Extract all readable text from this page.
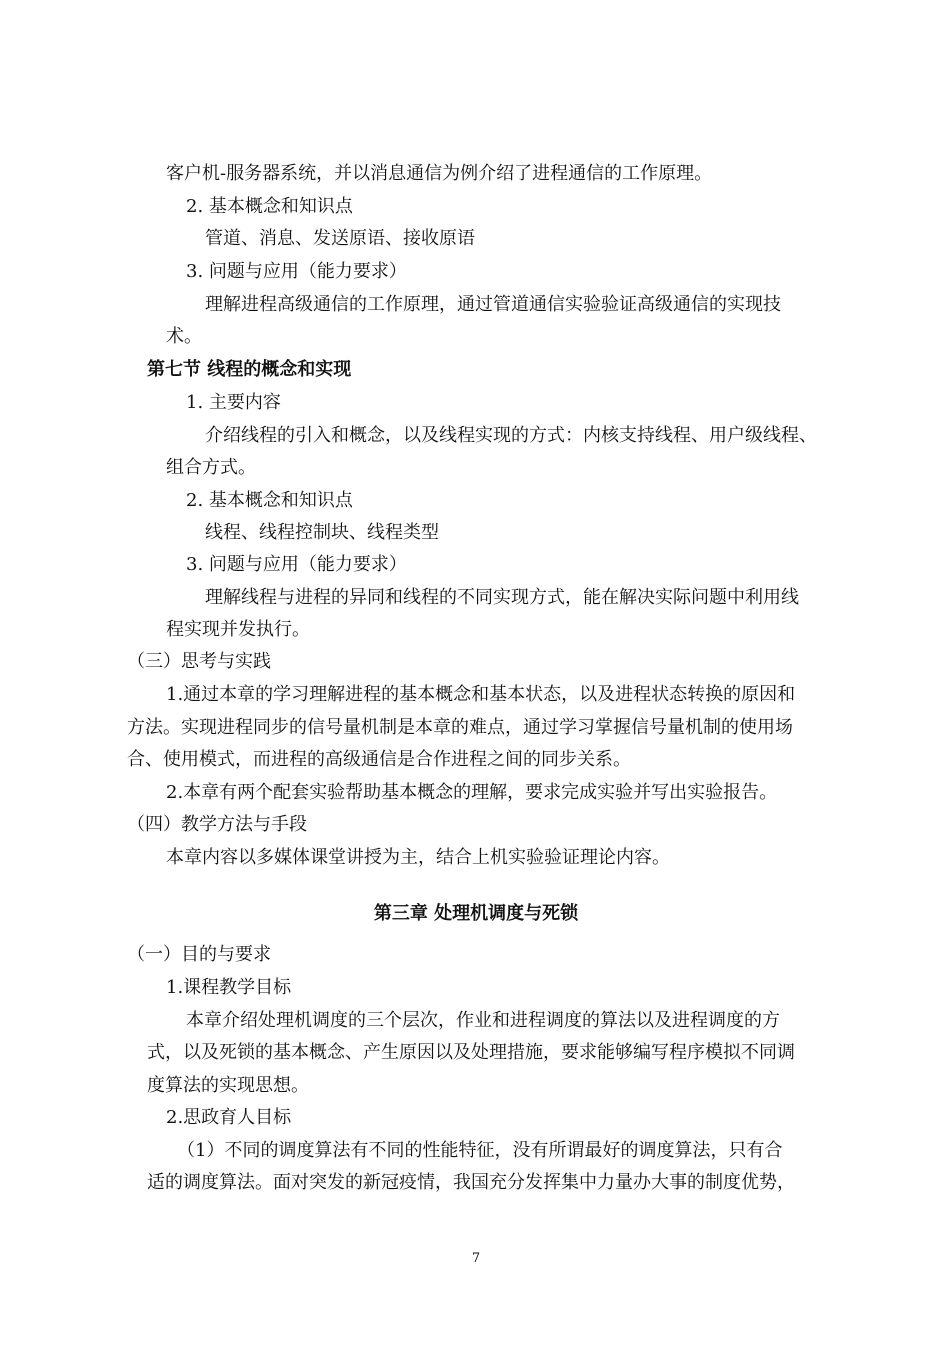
客户机-服务器系统，并以消息通信为例介绍了进程通信的工作原理。
2. 基本概念和知识点
管道、消息、发送原语、接收原语
3. 问题与应用（能力要求）
理解进程高级通信的工作原理，通过管道通信实验验证高级通信的实现技
术。
第七节 线程的概念和实现
1. 主要内容
介绍线程的引入和概念，以及线程实现的方式：内核支持线程、用户级线程、
组合方式。
2. 基本概念和知识点
线程、线程控制块、线程类型
3. 问题与应用（能力要求）
理解线程与进程的异同和线程的不同实现方式，能在解决实际问题中利用线
程实现并发执行。
（三）思考与实践
1.通过本章的学习理解进程的基本概念和基本状态，以及进程状态转换的原因和
方法。实现进程同步的信号量机制是本章的难点，通过学习掌握信号量机制的使用场
合、使用模式，而进程的高级通信是合作进程之间的同步关系。
2.本章有两个配套实验帮助基本概念的理解，要求完成实验并写出实验报告。
（四）教学方法与手段
本章内容以多媒体课堂讲授为主，结合上机实验验证理论内容。
第三章 处理机调度与死锁
（一）目的与要求
1.课程教学目标
本章介绍处理机调度的三个层次，作业和进程调度的算法以及进程调度的方
式，以及死锁的基本概念、产生原因以及处理措施，要求能够编写程序模拟不同调
度算法的实现思想。
2.思政育人目标
（1）不同的调度算法有不同的性能特征，没有所谓最好的调度算法，只有合
适的调度算法。面对突发的新冠疫情，我国充分发挥集中力量办大事的制度优势，
7
